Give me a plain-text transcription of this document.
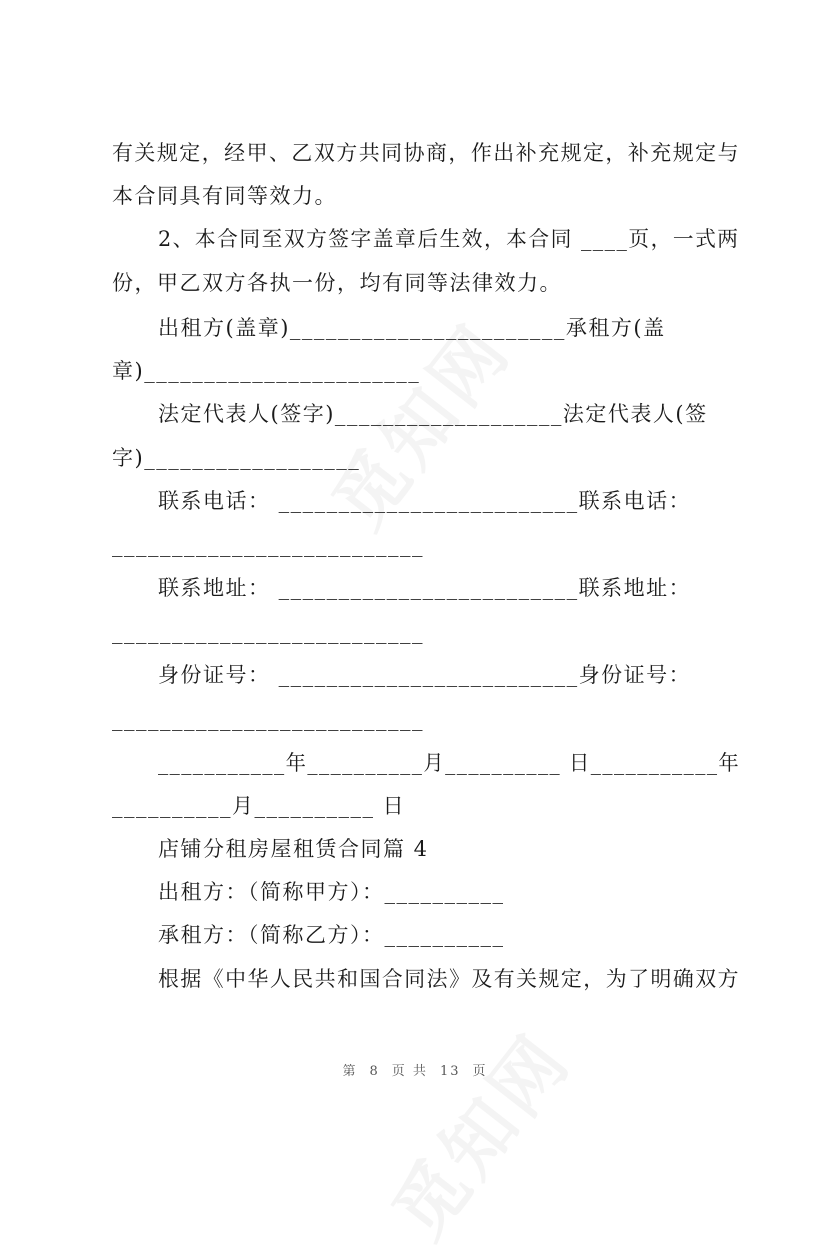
有关规定，经甲、乙双方共同协商，作出补充规定，补充规定与
本合同具有同等效力。
2、本合同至双方签字盖章后生效，本合同 ____页，一式两
份，甲乙双方各执一份，均有同等法律效力。
出租方(盖章)_______________________承租方(盖
章)_______________________
法定代表人(签字)___________________法定代表人(签
字)__________________
联系电话： _________________________联系电话：
__________________________
联系地址： _________________________联系地址：
__________________________
身份证号： _________________________身份证号：
__________________________
___________年__________月__________ 日___________年
__________月__________ 日
店铺分租房屋租赁合同篇 4
出租方：（简称甲方）：__________
承租方：（简称乙方）：__________
根据《中华人民共和国合同法》及有关规定，为了明确双方
第 8 页 共 13 页
